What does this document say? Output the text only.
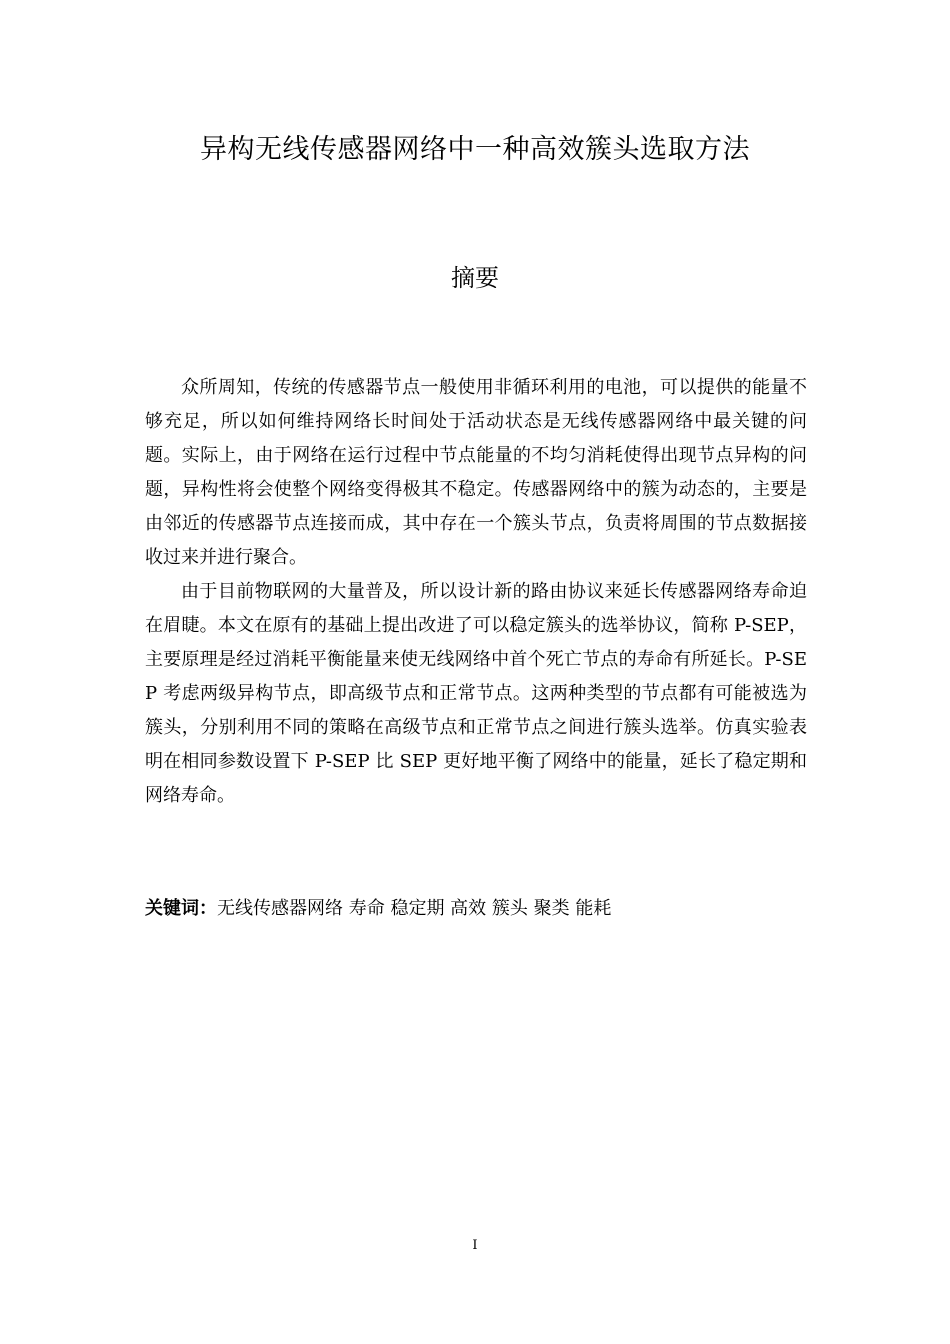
异构无线传感器网络中一种高效簇头选取方法
摘要

众所周知，传统的传感器节点一般使用非循环利用的电池，可以提供的能量不够充足，所以如何维持网络长时间处于活动状态是无线传感器网络中最关键的问题。实际上，由于网络在运行过程中节点能量的不均匀消耗使得出现节点异构的问题，异构性将会使整个网络变得极其不稳定。传感器网络中的簇为动态的，主要是由邻近的传感器节点连接而成，其中存在一个簇头节点，负责将周围的节点数据接收过来并进行聚合。

由于目前物联网的大量普及，所以设计新的路由协议来延长传感器网络寿命迫在眉睫。本文在原有的基础上提出改进了可以稳定簇头的选举协议，简称 P-SEP，主要原理是经过消耗平衡能量来使无线网络中首个死亡节点的寿命有所延长。P-SEP 考虑两级异构节点，即高级节点和正常节点。这两种类型的节点都有可能被选为簇头，分别利用不同的策略在高级节点和正常节点之间进行簇头选举。仿真实验表明在相同参数设置下 P-SEP 比 SEP 更好地平衡了网络中的能量，延长了稳定期和网络寿命。

关键词：无线传感器网络 寿命 稳定期 高效 簇头 聚类 能耗
I
